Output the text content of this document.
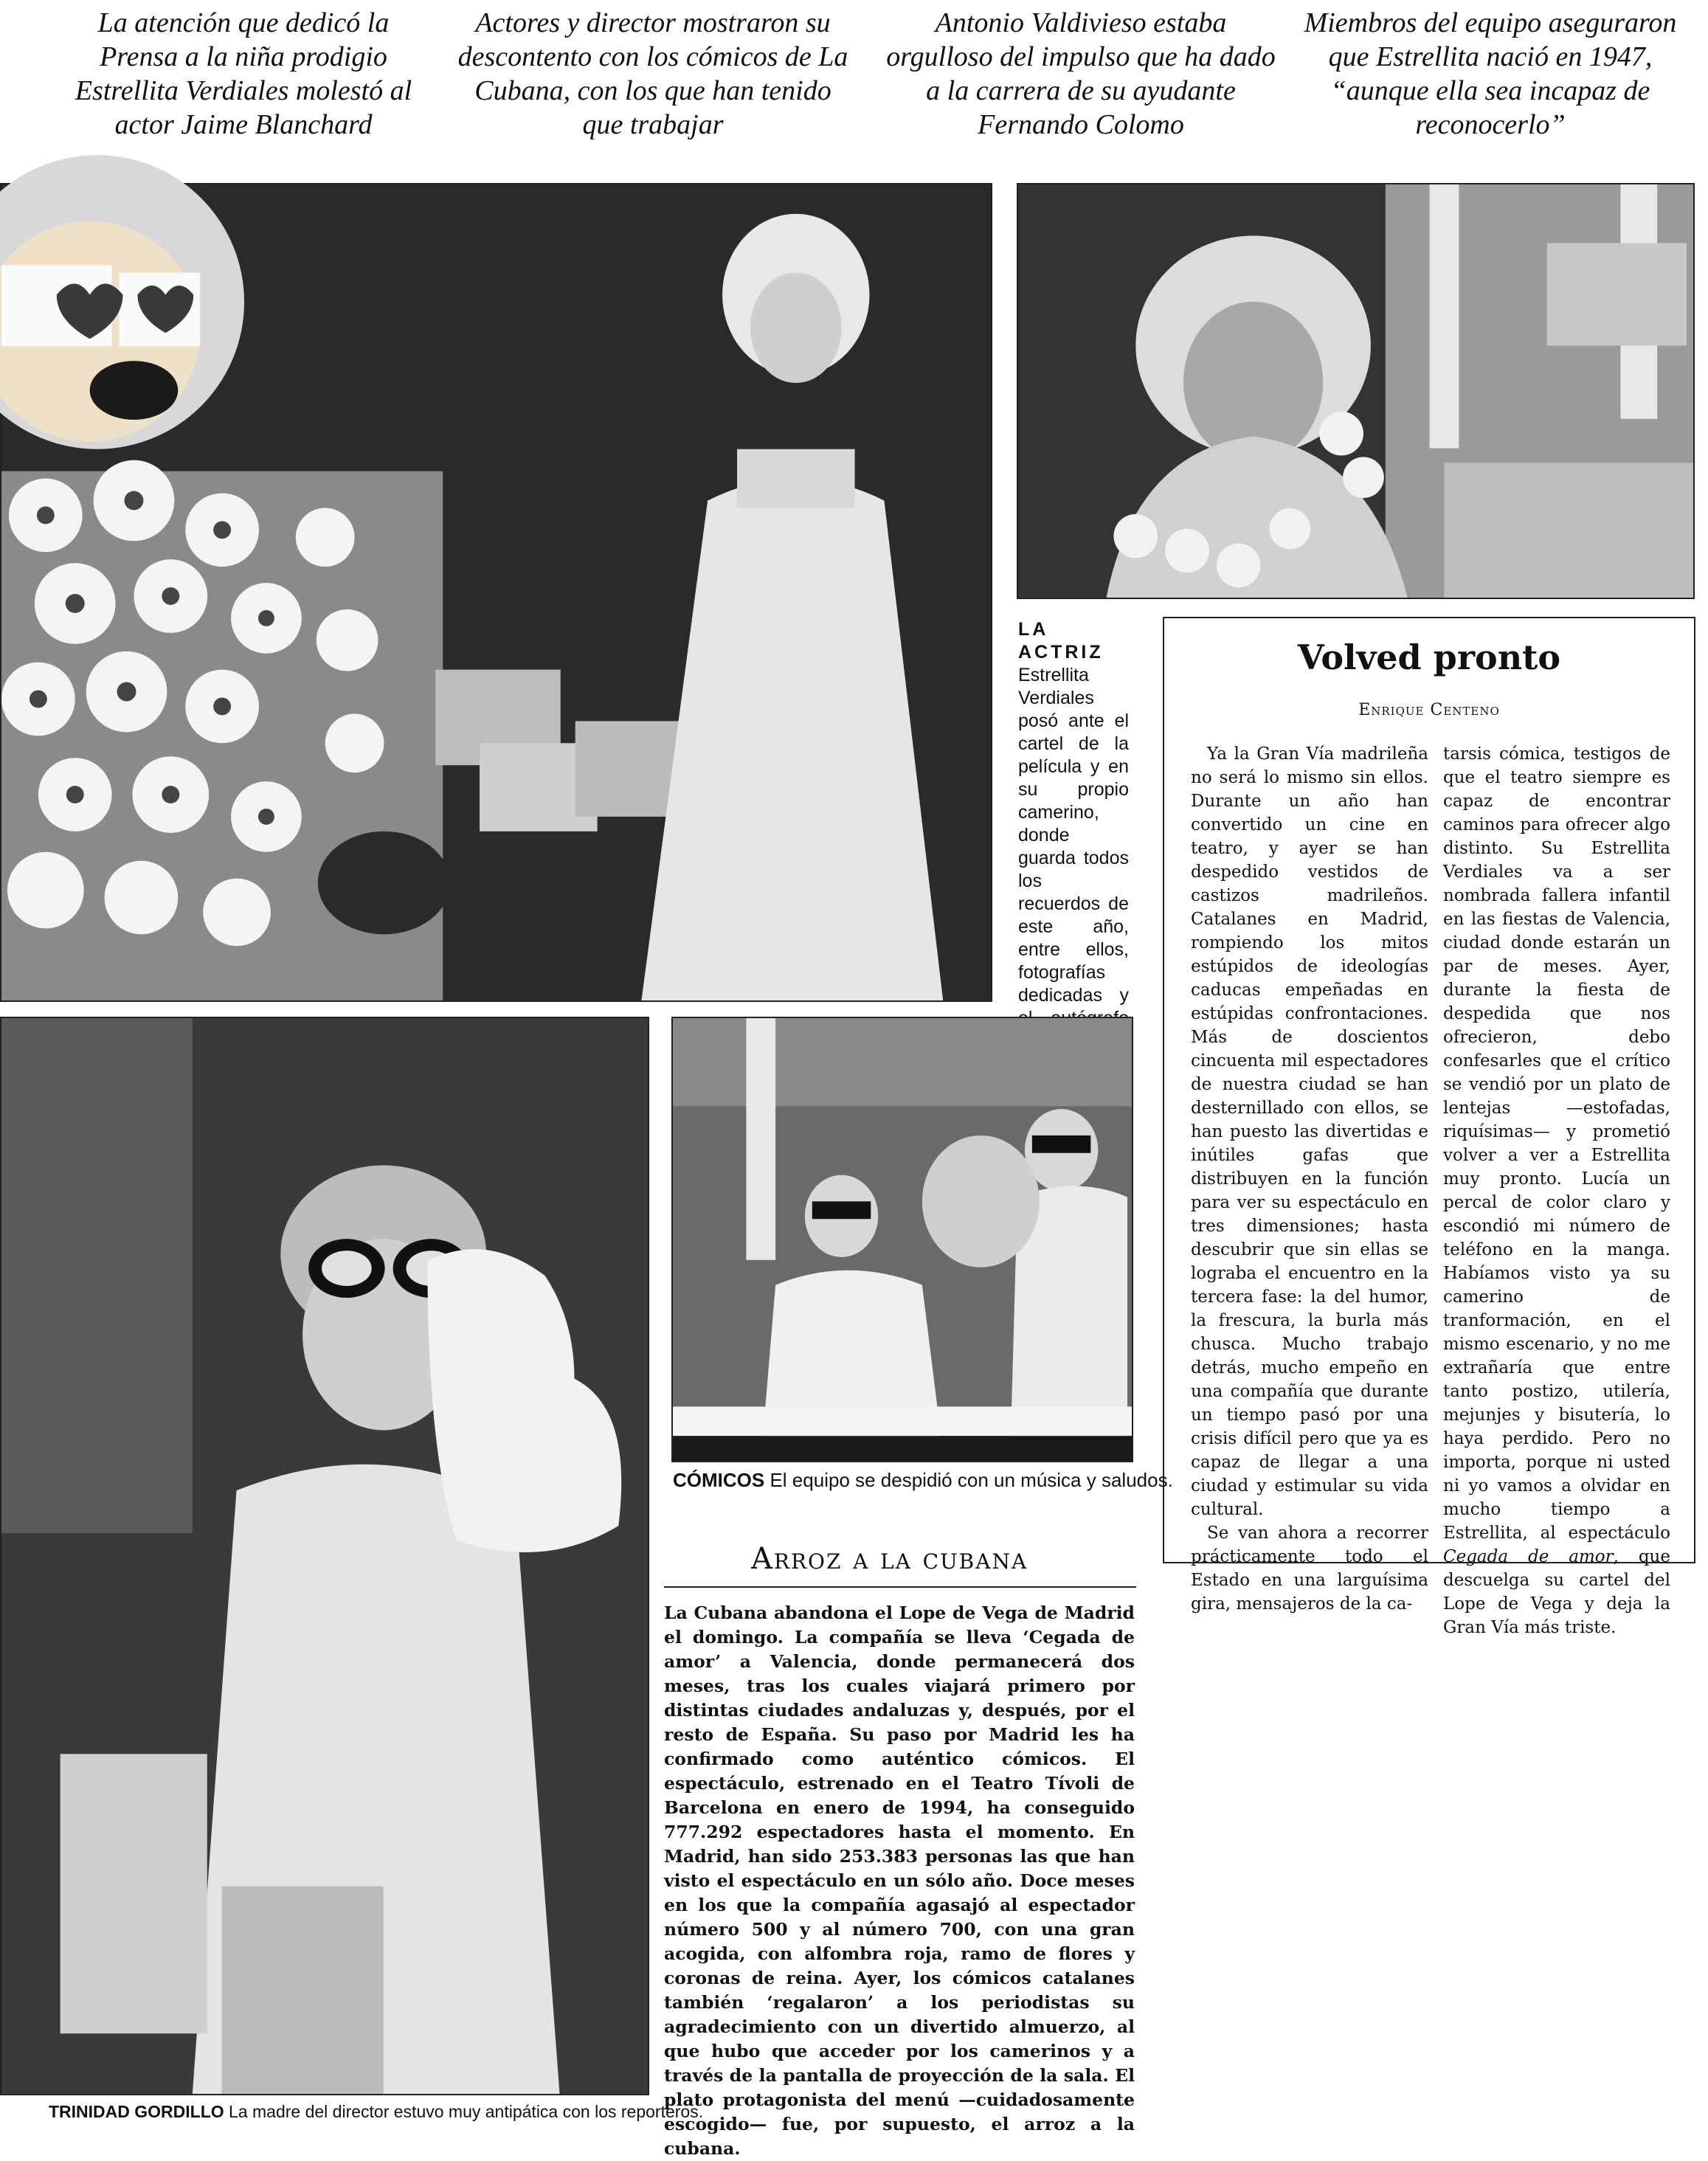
La atención que dedicó la Prensa a la niña prodigio Estrellita Verdiales molestó al actor Jaime Blanchard
Actores y director mostraron su descontento con los cómicos de La Cubana, con los que han tenido que trabajar
Antonio Valdivieso estaba orgulloso del impulso que ha dado a la carrera de su ayudante Fernando Colomo
Miembros del equipo aseguraron que Estrellita nació en 1947, “aunque ella sea incapaz de reconocerlo”
LA ACTRIZ
Estrellita Verdiales posó ante el cartel de la película y en su propio camerino, donde guarda todos los recuerdos de este año, entre ellos, fotografías dedicadas y
Volved pronto
Enrique Centeno

Ya la Gran Vía madrileña no será lo mismo sin ellos. Durante un año han convertido un cine en teatro, y ayer se han despedido vestidos de castizos madrileños. Catalanes en Madrid, rompiendo los mitos estúpidos de ideologías caducas empeñadas en estúpidas confrontaciones. Más de doscientos cincuenta mil espectadores de nuestra ciudad se han desternillado con ellos, se han puesto las divertidas e inútiles gafas que distribuyen en la función para ver su espectáculo en tres dimensiones; hasta descubrir que sin ellas se lograba el encuentro en la tercera fase: la del humor, la frescura, la burla más chusca. Mucho trabajo detrás, mucho empeño en una compañía que durante un tiempo pasó por una crisis difícil pero que ya es capaz de llegar a una ciudad y estimular su vida cultural.

Se van ahora a recorrer prácticamente todo el Estado en una larguísima gira, mensajeros de la ca-

tarsis cómica, testigos de que el teatro siempre es capaz de encontrar caminos para ofrecer algo distinto. Su Estrellita Verdiales va a ser nombrada fallera infantil en las fiestas de Valencia, ciudad donde estarán un par de meses. Ayer, durante la fiesta de despedida que nos ofrecieron, debo confesarles que el crítico se vendió por un plato de lentejas —estofadas, riquísimas— y prometió volver a ver a Estrellita muy pronto. Lucía un percal de color claro y escondió mi número de teléfono en la manga. Habíamos visto ya su camerino de tranformación, en el mismo escenario, y no me extrañaría que entre tanto postizo, utilería, mejunjes y bisutería, lo haya perdido. Pero no importa, porque ni usted ni yo vamos a olvidar en mucho tiempo a Estrellita, al espectáculo Cegada de amor, que descuelga su cartel del Lope de Vega y deja la Gran Vía más triste.

TRINIDAD GORDILLO La madre del director estuvo muy antipática con los reporteros.
CÓMICOS El equipo se despidió con un música y saludos.
Arroz a la cubana
La Cubana abandona el Lope de Vega de Madrid el domingo. La compañía se lleva ‘Cegada de amor’ a Valencia, donde permanecerá dos meses, tras los cuales viajará primero por distintas ciudades andaluzas y, después, por el resto de España. Su paso por Madrid les ha confirmado como auténtico cómicos. El espectáculo, estrenado en el Teatro Tívoli de Barcelona en enero de 1994, ha conseguido 777.292 espectadores hasta el momento. En Madrid, han sido 253.383 personas las que han visto el espectáculo en un sólo año. Doce meses en los que la compañía agasajó al espectador número 500 y al número 700, con una gran acogida, con alfombra roja, ramo de flores y coronas de reina. Ayer, los cómicos catalanes también ‘regalaron’ a los periodistas su agradecimiento con un divertido almuerzo, al que hubo que acceder por los camerinos y a través de la pantalla de proyección de la sala. El plato protagonista del menú —cuidadosamente escogido— fue, por supuesto, el arroz a la cubana.
